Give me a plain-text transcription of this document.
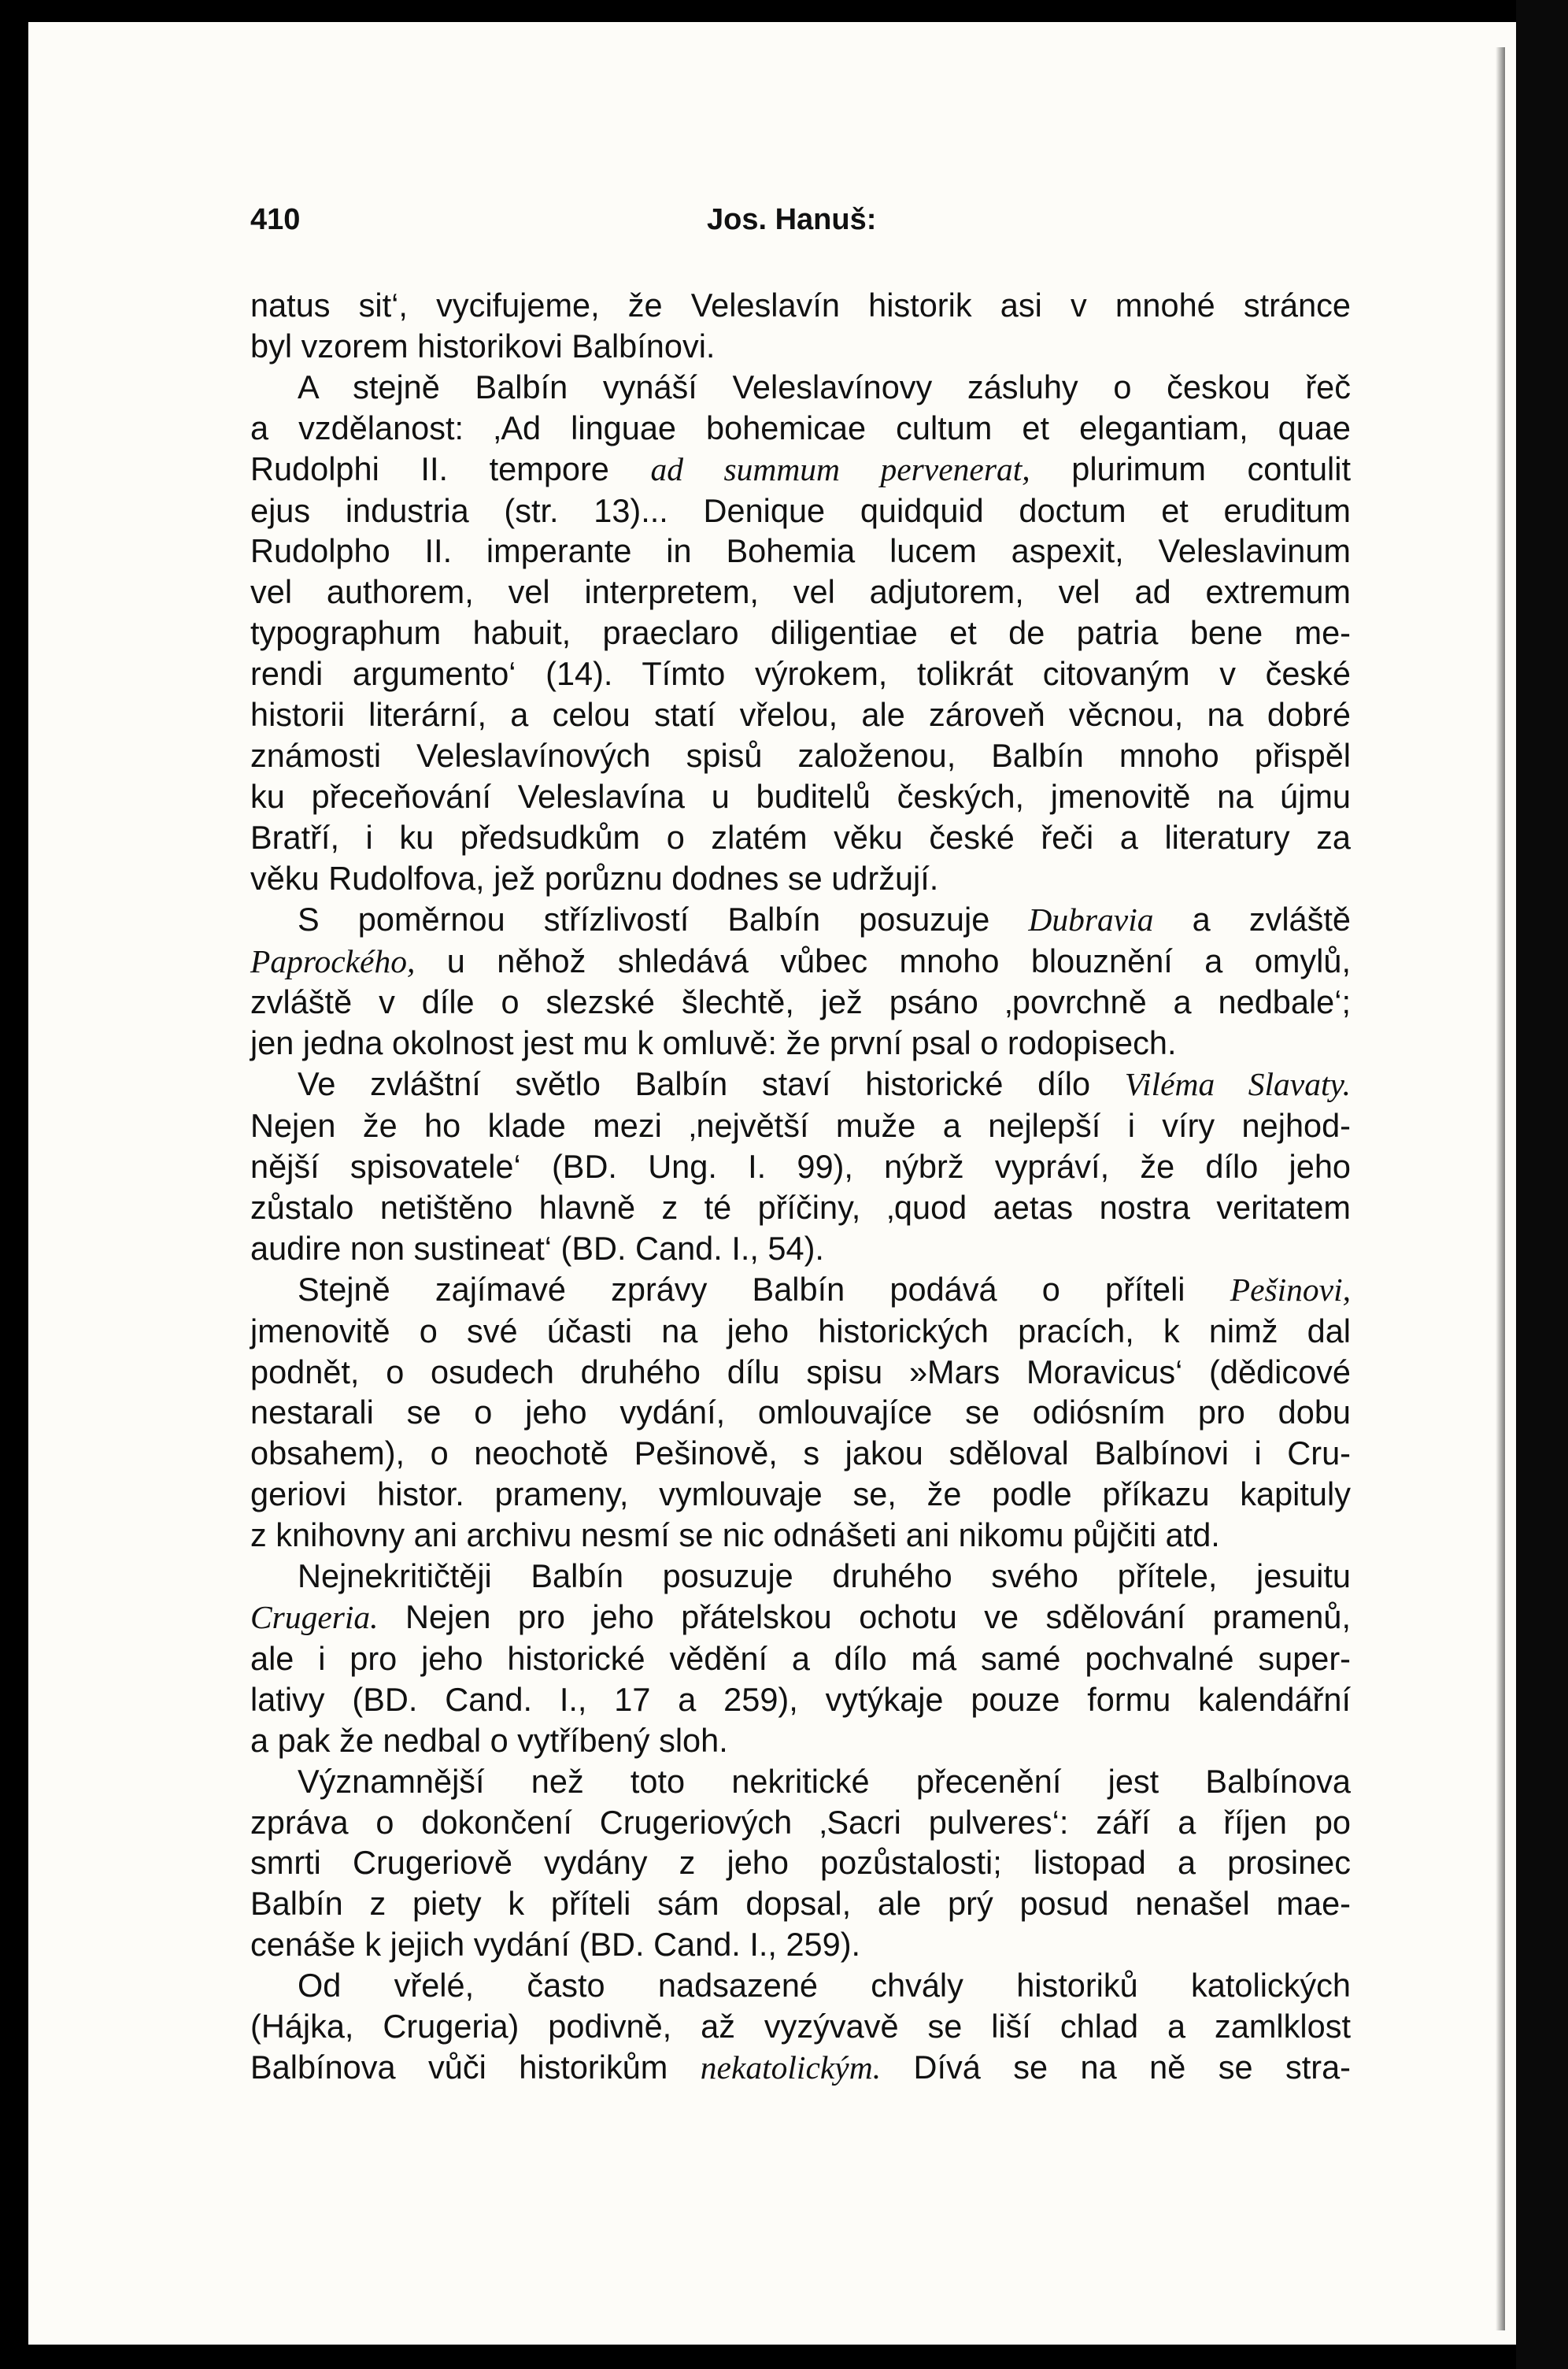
410	Jos. Hanuš:

natus sit‘, vycifujeme, že Veleslavín historik asi v mnohé stránce
byl vzorem historikovi Balbínovi.
A stejně Balbín vynáší Veleslavínovy zásluhy o českou řeč
a vzdělanost: ‚Ad linguae bohemicae cultum et elegantiam, quae
Rudolphi II. tempore ad summum pervenerat, plurimum contulit
ejus industria (str. 13)... Denique quidquid doctum et eruditum
Rudolpho II. imperante in Bohemia lucem aspexit, Veleslavinum
vel authorem, vel interpretem, vel adjutorem, vel ad extremum
typographum habuit, praeclaro diligentiae et de patria bene me-
rendi argumento‘ (14). Tímto výrokem, tolikrát citovaným v české
historii literární, a celou statí vřelou, ale zároveň věcnou, na dobré
známosti Veleslavínových spisů založenou, Balbín mnoho přispěl
ku přeceňování Veleslavína u buditelů českých, jmenovitě na újmu
Bratří, i ku předsudkům o zlatém věku české řeči a literatury za
věku Rudolfova, jež porůznu dodnes se udržují.
S poměrnou střízlivostí Balbín posuzuje Dubravia a zvláště
Paprockého, u něhož shledává vůbec mnoho blouznění a omylů,
zvláště v díle o slezské šlechtě, jež psáno ‚povrchně a nedbale‘;
jen jedna okolnost jest mu k omluvě: že první psal o rodopisech.
Ve zvláštní světlo Balbín staví historické dílo Viléma Slavaty.
Nejen že ho klade mezi ‚největší muže a nejlepší i víry nejhod-
nější spisovatele‘ (BD. Ung. I. 99), nýbrž vypráví, že dílo jeho
zůstalo netištěno hlavně z té příčiny, ‚quod aetas nostra veritatem
audire non sustineat‘ (BD. Cand. I., 54).
Stejně zajímavé zprávy Balbín podává o příteli Pešinovi,
jmenovitě o své účasti na jeho historických pracích, k nimž dal
podnět, o osudech druhého dílu spisu »Mars Moravicus‘ (dědicové
nestarali se o jeho vydání, omlouvajíce se odiósním pro dobu
obsahem), o neochotě Pešinově, s jakou sděloval Balbínovi i Cru-
geriovi histor. prameny, vymlouvaje se, že podle příkazu kapituly
z knihovny ani archivu nesmí se nic odnášeti ani nikomu půjčiti atd.
Nejnekritičtěji Balbín posuzuje druhého svého přítele, jesuitu
Crugeria. Nejen pro jeho přátelskou ochotu ve sdělování pramenů,
ale i pro jeho historické vědění a dílo má samé pochvalné super-
lativy (BD. Cand. I., 17 a 259), vytýkaje pouze formu kalendářní
a pak že nedbal o vytříbený sloh.
Významnější než toto nekritické přecenění jest Balbínova
zpráva o dokončení Crugeriových ‚Sacri pulveres‘: září a říjen po
smrti Crugeriově vydány z jeho pozůstalosti; listopad a prosinec
Balbín z piety k příteli sám dopsal, ale prý posud nenašel mae-
cenáše k jejich vydání (BD. Cand. I., 259).
Od vřelé, často nadsazené chvály historiků katolických
(Hájka, Crugeria) podivně, až vyzývavě se liší chlad a zamlklost
Balbínova vůči historikům nekatolickým. Dívá se na ně se stra-
